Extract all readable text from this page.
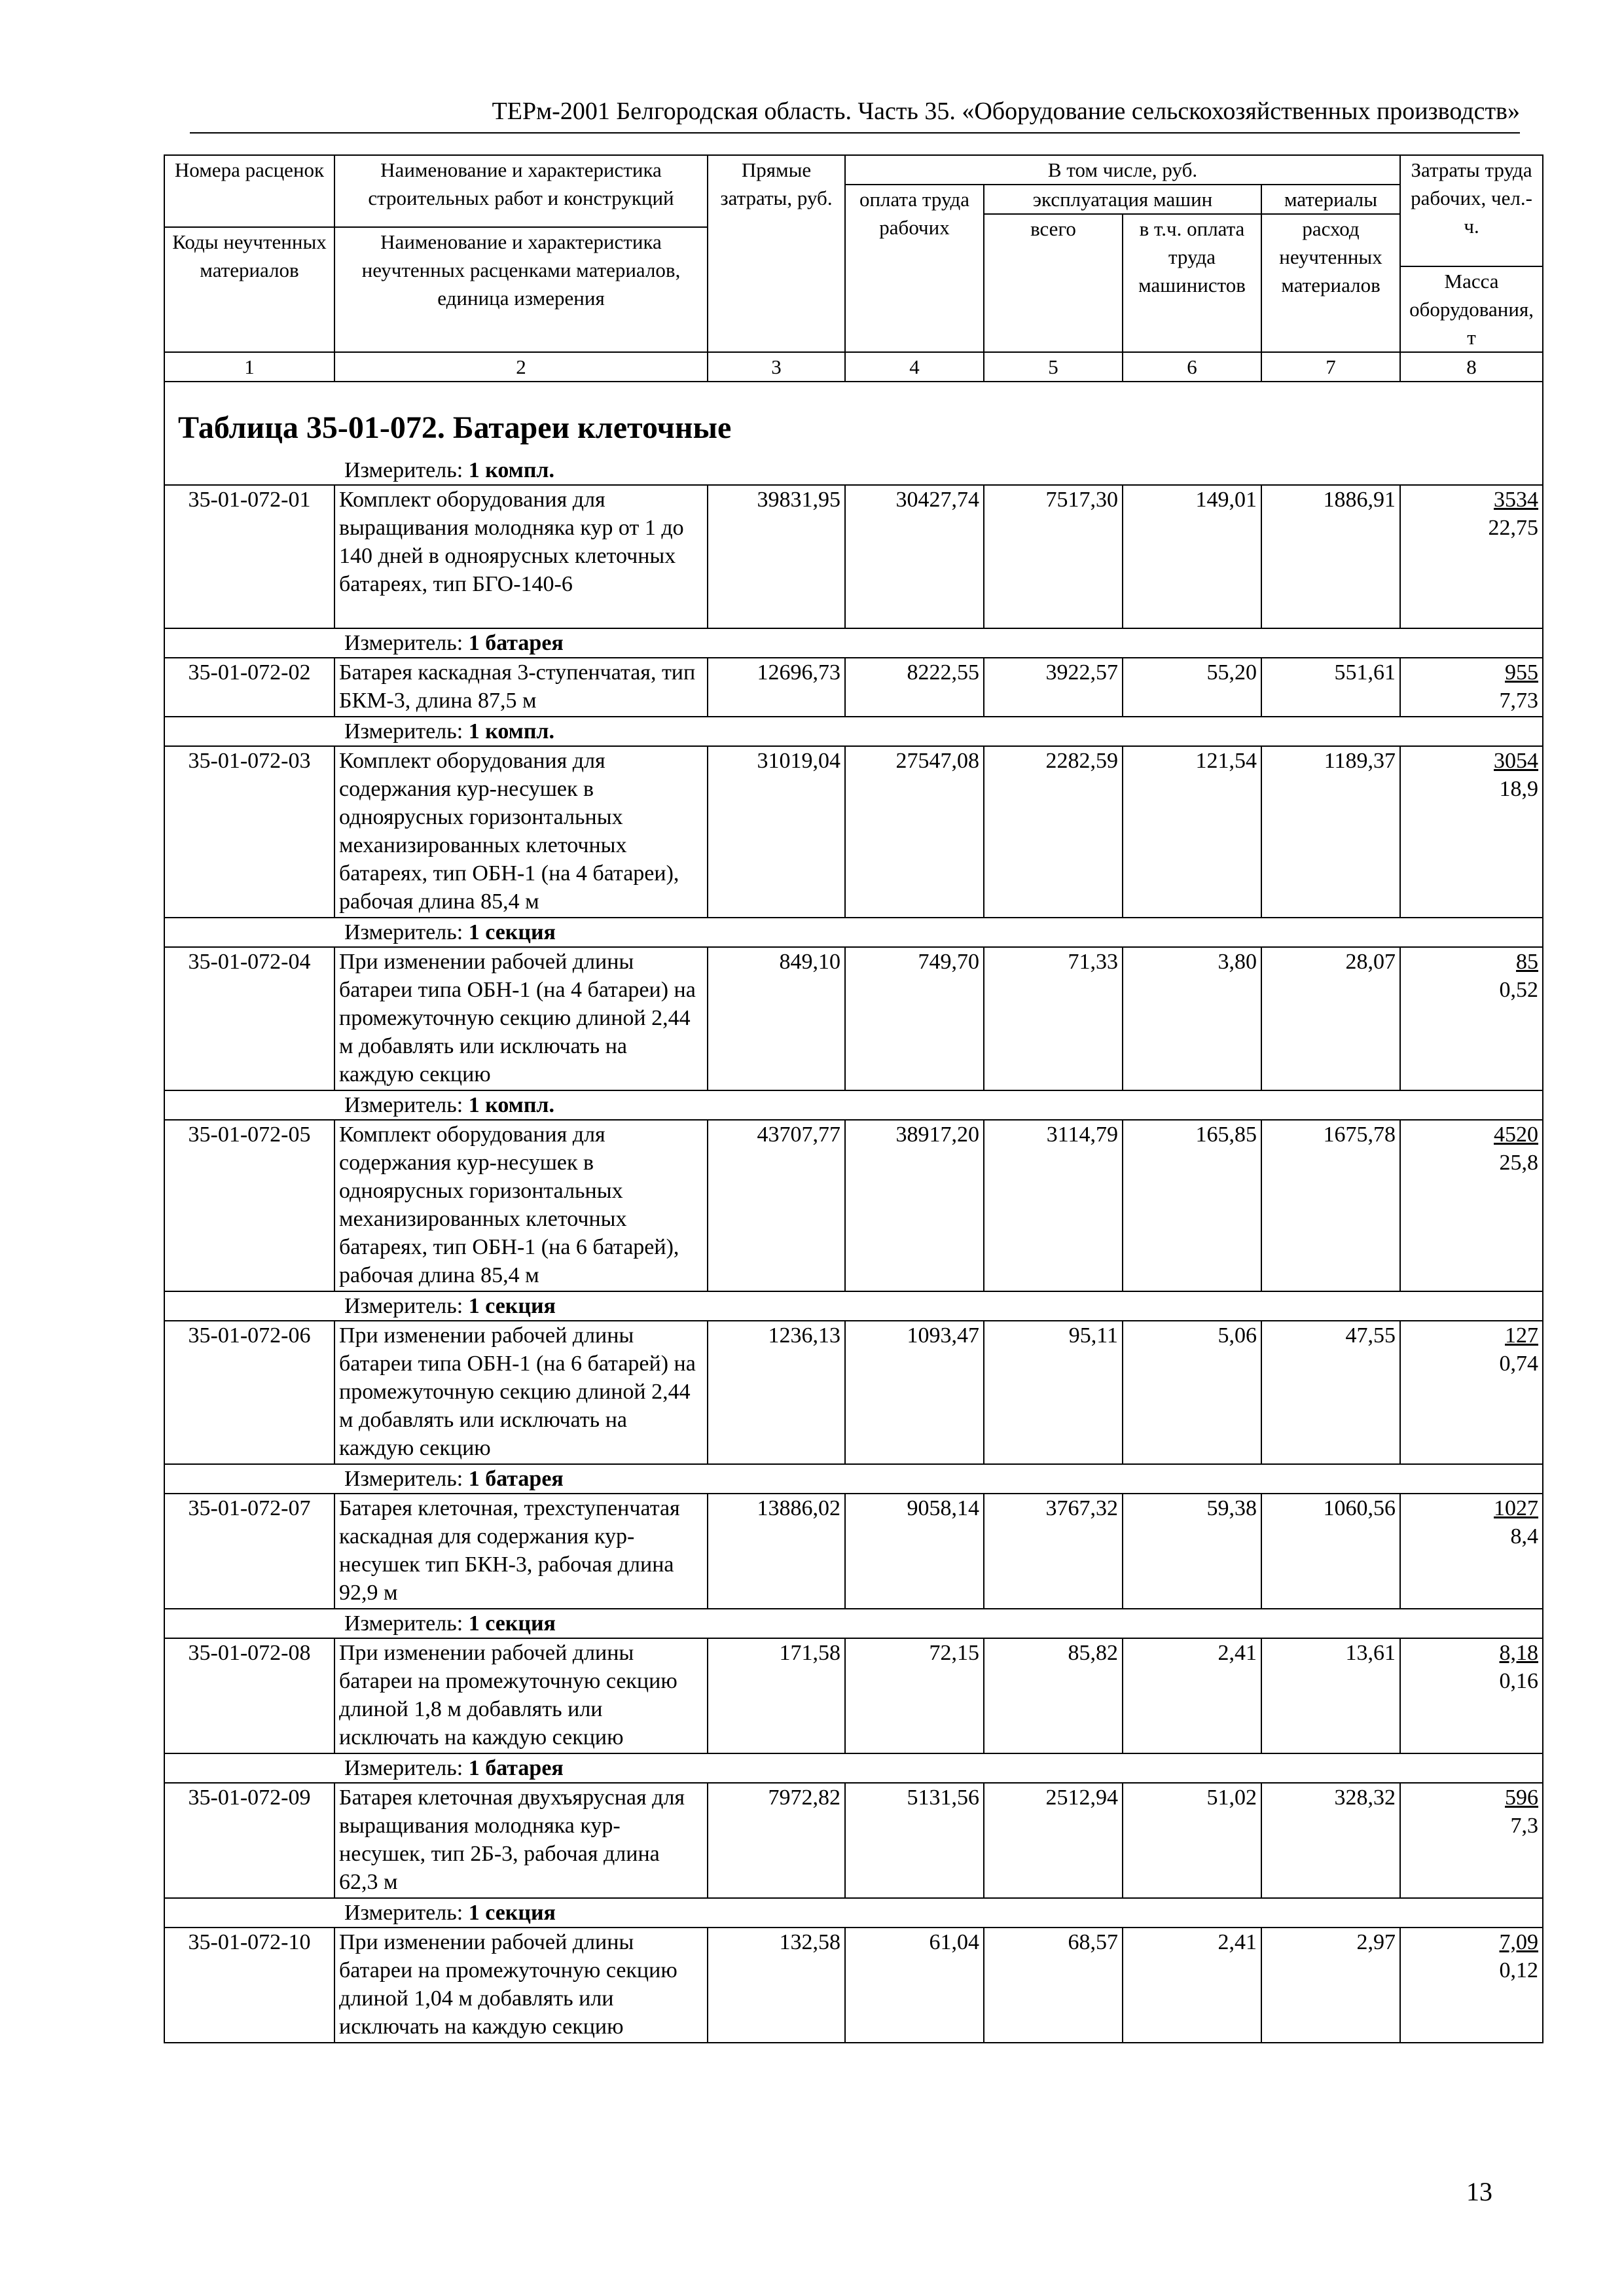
ТЕРм-2001 Белгородская область. Часть 35. «Оборудование сельскохозяйственных производств»
Номера расценок	Наименование и характеристика строительных работ и конструкций	Прямые затраты, руб.	В том числе, руб.				Затраты труда рабочих, чел.-ч.
			оплата труда рабочих	эксплуатация машин		материалы	
				всего	в т.ч. оплата труда машинистов	расход неучтенных материалов	
Коды неучтенных материалов	Наименование и характеристика неучтенных расценками материалов, единица измерения						
							Масса оборудования, т
1	2	3	4	5	6	7	8

Таблица 35-01-072. Батареи клеточные							

Измеритель: 1 компл.							
35-01-072-01	Комплект оборудования для выращивания молодняка кур от 1 до 140 дней в одноярусных клеточных батареях, тип БГО-140-6	39831,95	30427,74	7517,30	149,01	1886,91	3534
22,75

Измеритель: 1 батарея							
35-01-072-02	Батарея каскадная 3-ступенчатая, тип БКМ-3, длина 87,5 м	12696,73	8222,55	3922,57	55,20	551,61	955
7,73

Измеритель: 1 компл.							
35-01-072-03	Комплект оборудования для содержания кур-несушек в одноярусных горизонтальных механизированных клеточных батареях, тип ОБН-1 (на 4 батареи), рабочая длина 85,4 м	31019,04	27547,08	2282,59	121,54	1189,37	3054
18,9

Измеритель: 1 секция							
35-01-072-04	При изменении рабочей длины батареи типа ОБН-1 (на 4 батареи) на промежуточную секцию длиной 2,44 м добавлять или исключать на каждую секцию	849,10	749,70	71,33	3,80	28,07	85
0,52

Измеритель: 1 компл.							
35-01-072-05	Комплект оборудования для содержания кур-несушек в одноярусных горизонтальных механизированных клеточных батареях, тип ОБН-1 (на 6 батарей), рабочая длина 85,4 м	43707,77	38917,20	3114,79	165,85	1675,78	4520
25,8

Измеритель: 1 секция							
35-01-072-06	При изменении рабочей длины батареи типа ОБН-1 (на 6 батарей) на промежуточную секцию длиной 2,44 м добавлять или исключать на каждую секцию	1236,13	1093,47	95,11	5,06	47,55	127
0,74

Измеритель: 1 батарея							
35-01-072-07	Батарея клеточная, трехступенчатая каскадная для содержания кур-несушек тип БКН-3, рабочая длина 92,9 м	13886,02	9058,14	3767,32	59,38	1060,56	1027
8,4

Измеритель: 1 секция							
35-01-072-08	При изменении рабочей длины батареи на промежуточную секцию длиной 1,8 м добавлять или исключать на каждую секцию	171,58	72,15	85,82	2,41	13,61	8,18
0,16

Измеритель: 1 батарея							
35-01-072-09	Батарея клеточная двухъярусная для выращивания молодняка кур-несушек, тип 2Б-3, рабочая длина 62,3 м	7972,82	5131,56	2512,94	51,02	328,32	596
7,3

Измеритель: 1 секция							
35-01-072-10	При изменении рабочей длины батареи на промежуточную секцию длиной 1,04 м добавлять или исключать на каждую секцию	132,58	61,04	68,57	2,41	2,97	7,09
0,12
13
